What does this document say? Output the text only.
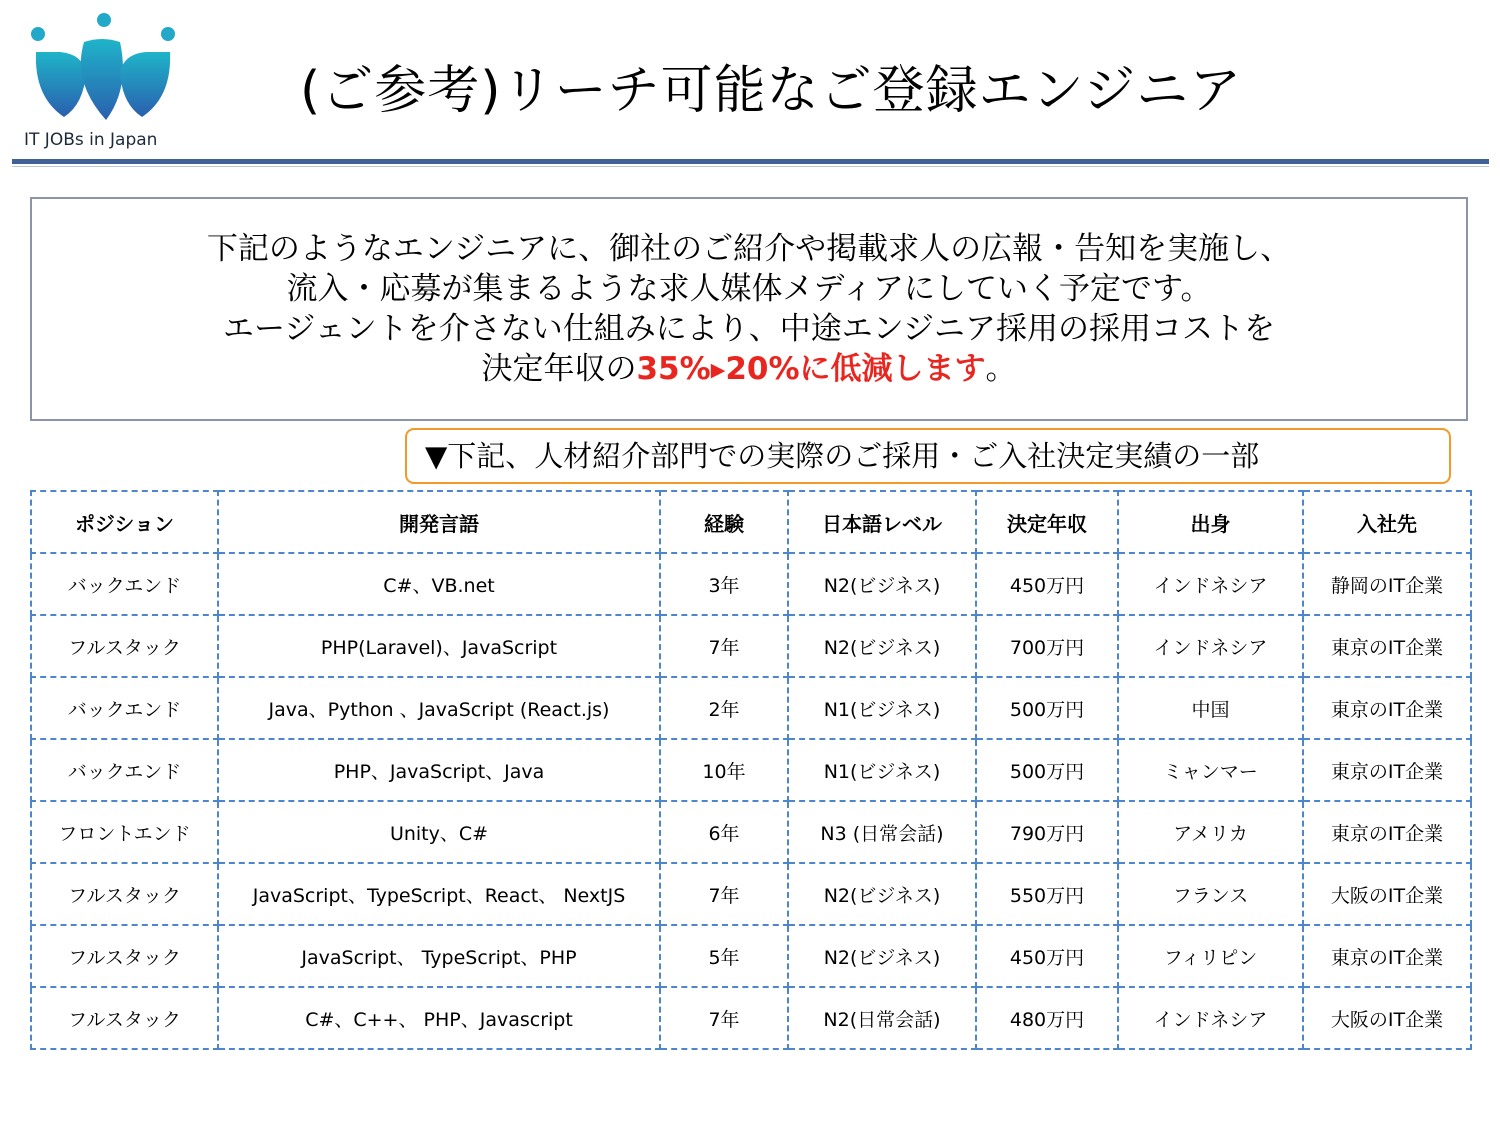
IT JOBs in Japan
(ご参考)リーチ可能なご登録エンジニア
下記のようなエンジニアに、御社のご紹介や掲載求人の広報・告知を実施し、
流入・応募が集まるような求人媒体メディアにしていく予定です。
エージェントを介さない仕組みにより、中途エンジニア採用の採用コストを
決定年収の35%▶20%に低減します。
▼下記、人材紹介部門での実際のご採用・ご入社決定実績の一部
ポジション	開発言語	経験	日本語レベル	決定年収	出身	入社先
バックエンド	C#、VB.net	3年	N2(ビジネス)	450万円	インドネシア	静岡のIT企業
フルスタック	PHP(Laravel)、JavaScript	7年	N2(ビジネス)	700万円	インドネシア	東京のIT企業
バックエンド	Java、Python 、JavaScript (React.js)	2年	N1(ビジネス)	500万円	中国	東京のIT企業
バックエンド	PHP、JavaScript、Java	10年	N1(ビジネス)	500万円	ミャンマー	東京のIT企業
フロントエンド	Unity、C#	6年	N3 (日常会話)	790万円	アメリカ	東京のIT企業
フルスタック	JavaScript、TypeScript、React、 NextJS	7年	N2(ビジネス)	550万円	フランス	大阪のIT企業
フルスタック	JavaScript、 TypeScript、PHP	5年	N2(ビジネス)	450万円	フィリピン	東京のIT企業
フルスタック	C#、C++、 PHP、Javascript	7年	N2(日常会話)	480万円	インドネシア	大阪のIT企業
